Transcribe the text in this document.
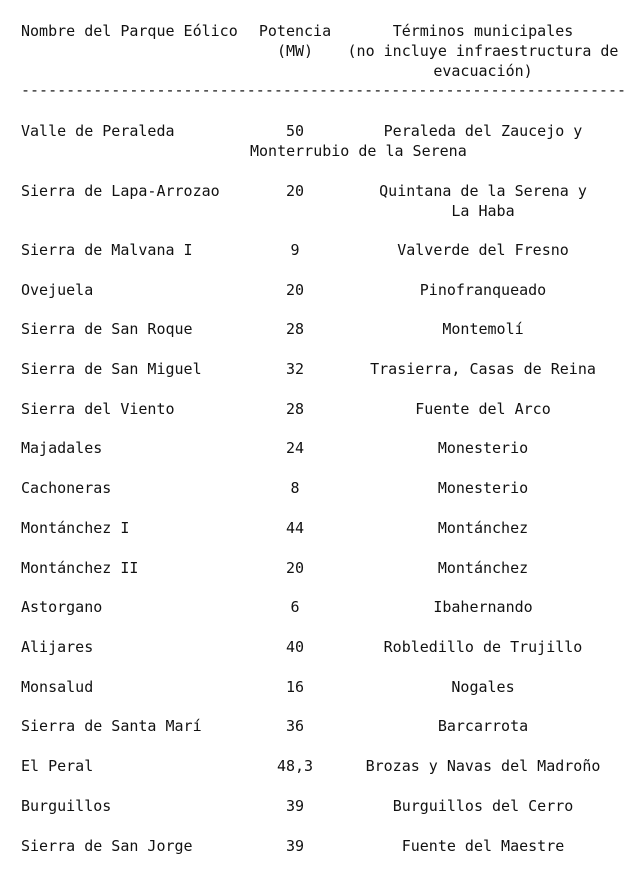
Nombre del Parque Eólico	Potencia
(MW)
Términos municipales
(no incluye infraestructura de
evacuación)
-------------------------------------------------------------------
Valle de Peraleda	50	Peraleda del Zaucejo y
Monterrubio de la Serena
Sierra de Lapa-Arrozao	20	Quintana de la Serena y
La Haba
Sierra de Malvana I	9	Valverde del Fresno
Ovejuela	20	Pinofranqueado
Sierra de San Roque	28	Montemolí
Sierra de San Miguel	32	Trasierra, Casas de Reina
Sierra del Viento	28	Fuente del Arco
Majadales	24	Monesterio
Cachoneras	8	Monesterio
Montánchez I	44	Montánchez
Montánchez II	20	Montánchez
Astorgano	6	Ibahernando
Alijares	40	Robledillo de Trujillo
Monsalud	16	Nogales
Sierra de Santa Marí	36	Barcarrota
El Peral	48,3	Brozas y Navas del Madroño
Burguillos	39	Burguillos del Cerro
Sierra de San Jorge	39	Fuente del Maestre
